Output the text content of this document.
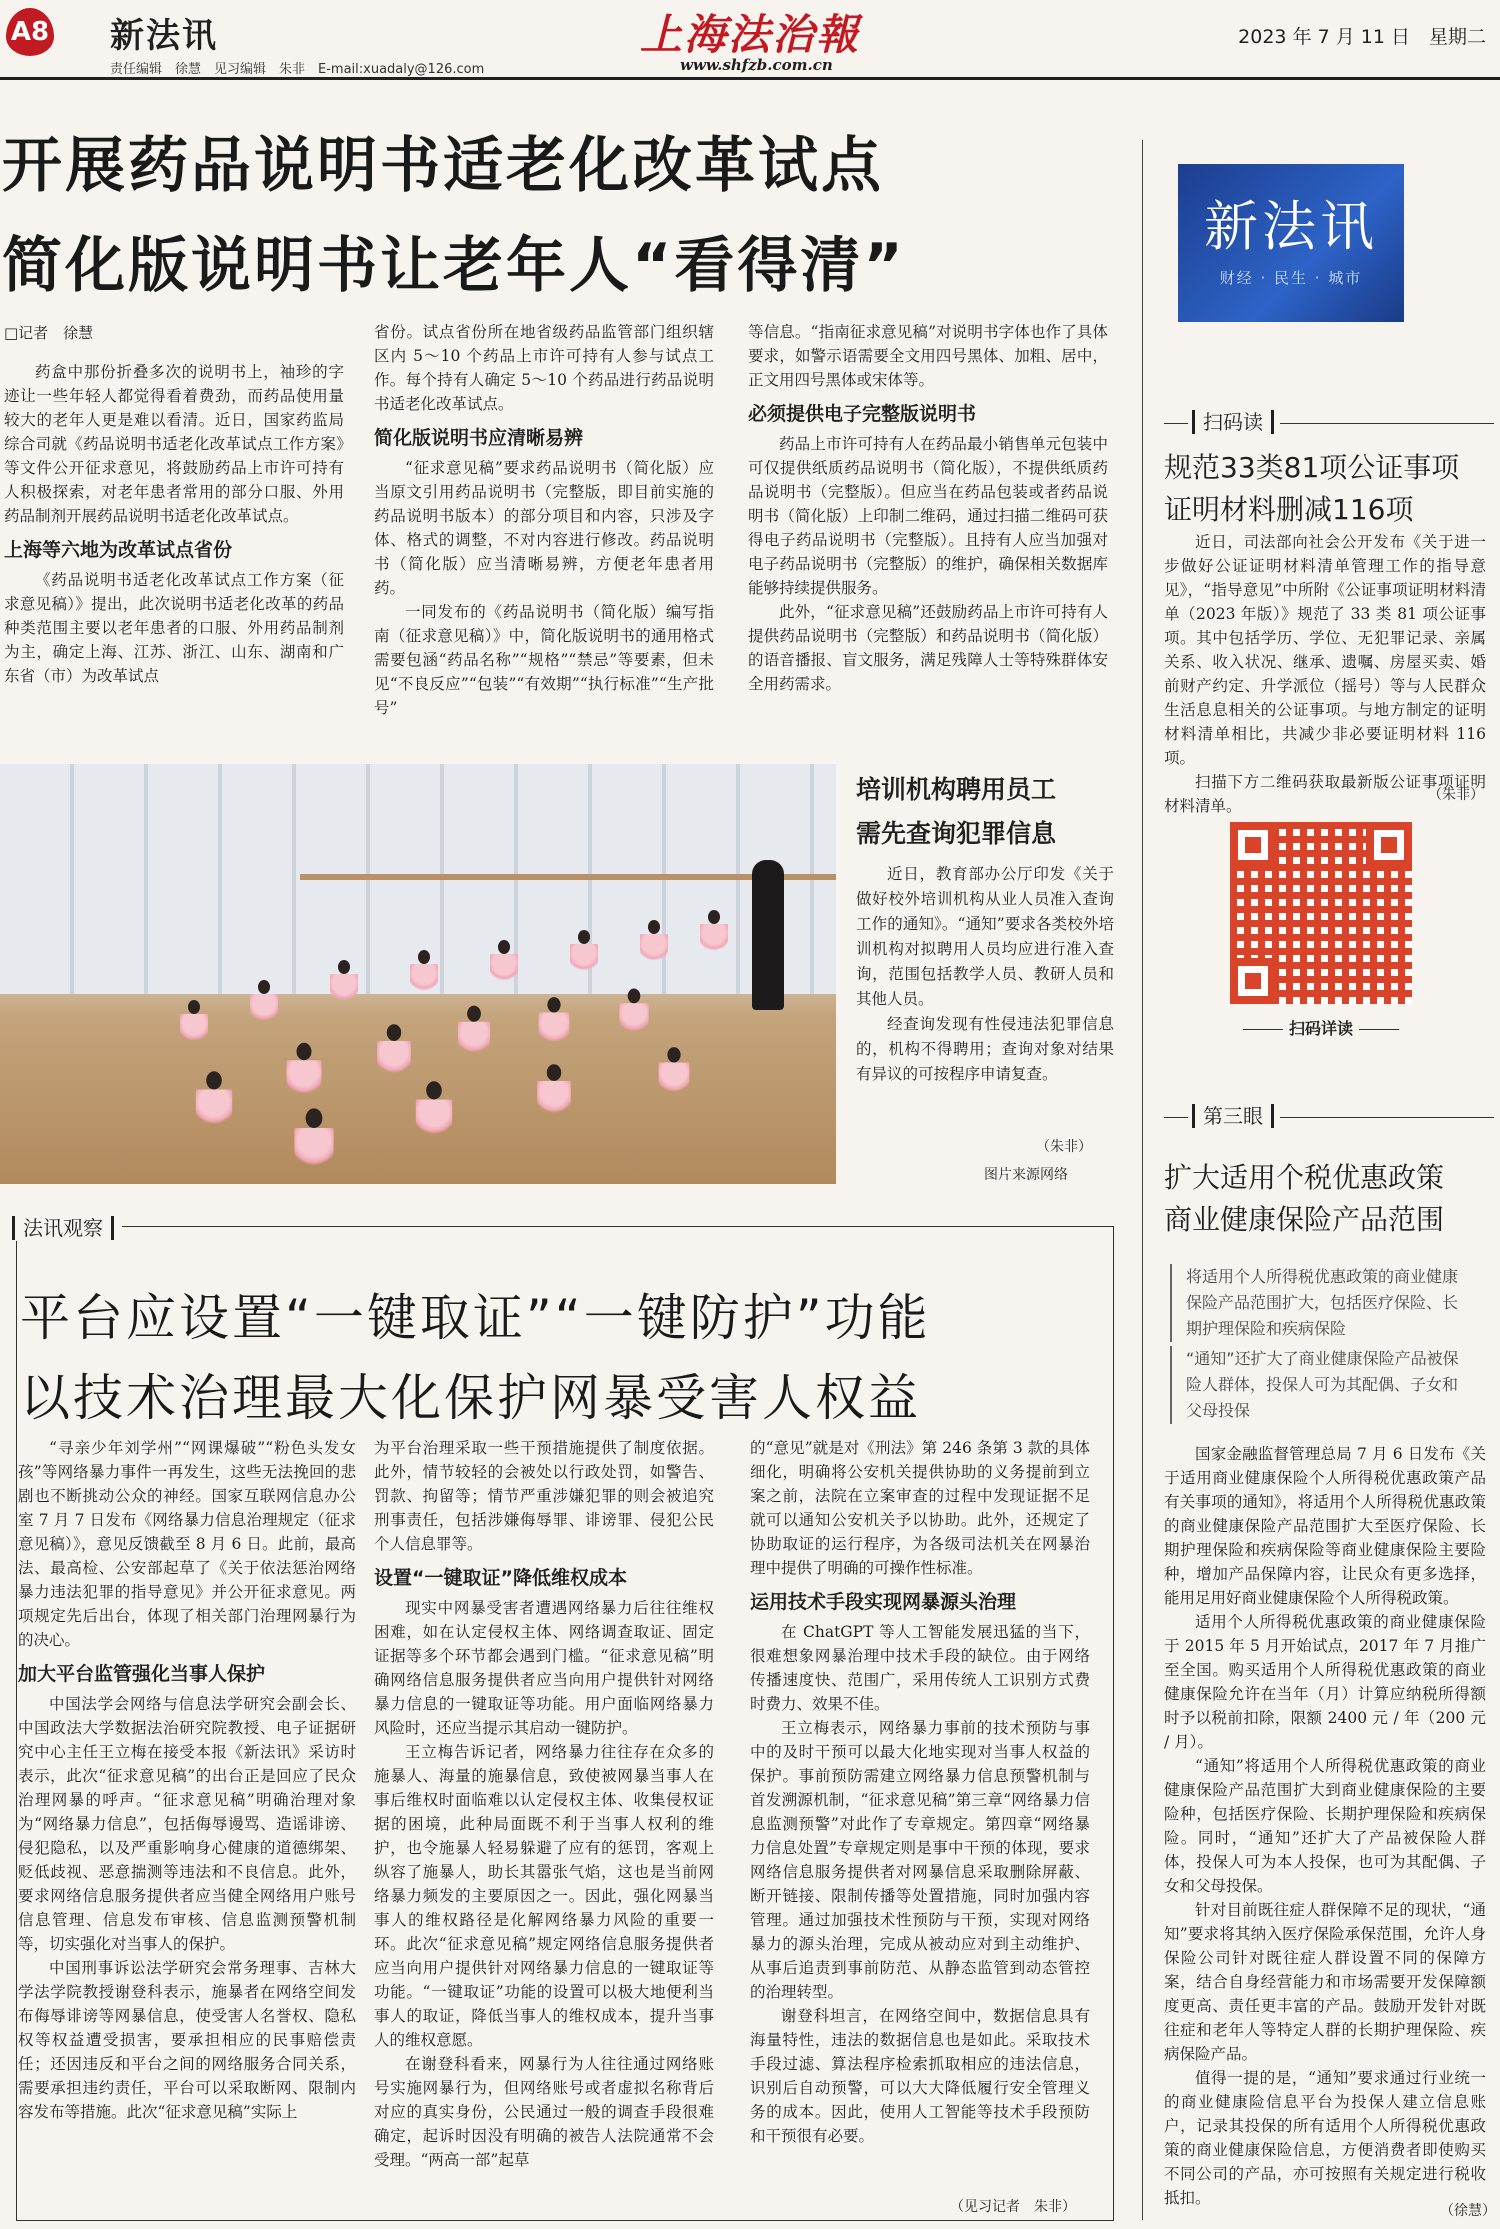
A8 新法讯
责任编辑　徐慧　见习编辑　朱非　E-mail:xuadaly@126.com
上海法治報
www.shfzb.com.cn
2023 年 7 月 11 日　星期二
开展药品说明书适老化改革试点
简化版说明书让老年人“看得清”
□记者　徐慧

药盒中那份折叠多次的说明书上，袖珍的字迹让一些年轻人都觉得看着费劲，而药品使用量较大的老年人更是难以看清。近日，国家药监局综合司就《药品说明书适老化改革试点工作方案》等文件公开征求意见，将鼓励药品上市许可持有人积极探索，对老年患者常用的部分口服、外用药品制剂开展药品说明书适老化改革试点。

上海等六地为改革试点省份

《药品说明书适老化改革试点工作方案（征求意见稿）》提出，此次说明书适老化改革的药品种类范围主要以老年患者的口服、外用药品制剂为主，确定上海、江苏、浙江、山东、湖南和广东省（市）为改革试点

省份。试点省份所在地省级药品监管部门组织辖区内 5～10 个药品上市许可持有人参与试点工作。每个持有人确定 5～10 个药品进行药品说明书适老化改革试点。

简化版说明书应清晰易辨

“征求意见稿”要求药品说明书（简化版）应当原文引用药品说明书（完整版，即目前实施的药品说明书版本）的部分项目和内容，只涉及字体、格式的调整，不对内容进行修改。药品说明书（简化版）应当清晰易辨，方便老年患者用药。

一同发布的《药品说明书（简化版）编写指南（征求意见稿）》中，简化版说明书的通用格式需要包涵“药品名称”“规格”“禁忌”等要素，但未见“不良反应”“包装”“有效期”“执行标准”“生产批号”

等信息。“指南征求意见稿”对说明书字体也作了具体要求，如警示语需要全文用四号黑体、加粗、居中，正文用四号黑体或宋体等。

必须提供电子完整版说明书

药品上市许可持有人在药品最小销售单元包装中可仅提供纸质药品说明书（简化版），不提供纸质药品说明书（完整版）。但应当在药品包装或者药品说明书（简化版）上印制二维码，通过扫描二维码可获得电子药品说明书（完整版）。且持有人应当加强对电子药品说明书（完整版）的维护，确保相关数据库能够持续提供服务。

此外，“征求意见稿”还鼓励药品上市许可持有人提供药品说明书（完整版）和药品说明书（简化版）的语音播报、盲文服务，满足残障人士等特殊群体安全用药需求。

培训机构聘用员工
需先查询犯罪信息

近日，教育部办公厅印发《关于做好校外培训机构从业人员准入查询工作的通知》。“通知”要求各类校外培训机构对拟聘用人员均应进行准入查询，范围包括教学人员、教研人员和其他人员。

经查询发现有性侵违法犯罪信息的，机构不得聘用；查询对象对结果有异议的可按程序申请复查。

（朱非）
图片来源网络
法讯观察
平台应设置“一键取证”“一键防护”功能
以技术治理最大化保护网暴受害人权益

“寻亲少年刘学州”“网课爆破”“粉色头发女孩”等网络暴力事件一再发生，这些无法挽回的悲剧也不断挑动公众的神经。国家互联网信息办公室 7 月 7 日发布《网络暴力信息治理规定（征求意见稿）》，意见反馈截至 8 月 6 日。此前，最高法、最高检、公安部起草了《关于依法惩治网络暴力违法犯罪的指导意见》并公开征求意见。两项规定先后出台，体现了相关部门治理网暴行为的决心。

加大平台监管强化当事人保护

中国法学会网络与信息法学研究会副会长、中国政法大学数据法治研究院教授、电子证据研究中心主任王立梅在接受本报《新法讯》采访时表示，此次“征求意见稿”的出台正是回应了民众治理网暴的呼声。“征求意见稿”明确治理对象为“网络暴力信息”，包括侮辱谩骂、造谣诽谤、侵犯隐私，以及严重影响身心健康的道德绑架、贬低歧视、恶意揣测等违法和不良信息。此外，要求网络信息服务提供者应当健全网络用户账号信息管理、信息发布审核、信息监测预警机制等，切实强化对当事人的保护。

中国刑事诉讼法学研究会常务理事、吉林大学法学院教授谢登科表示，施暴者在网络空间发布侮辱诽谤等网暴信息，使受害人名誉权、隐私权等权益遭受损害，要承担相应的民事赔偿责任；还因违反和平台之间的网络服务合同关系，需要承担违约责任，平台可以采取断网、限制内容发布等措施。此次“征求意见稿”实际上

为平台治理采取一些干预措施提供了制度依据。此外，情节较轻的会被处以行政处罚，如警告、罚款、拘留等；情节严重涉嫌犯罪的则会被追究刑事责任，包括涉嫌侮辱罪、诽谤罪、侵犯公民个人信息罪等。

设置“一键取证”降低维权成本

现实中网暴受害者遭遇网络暴力后往往维权困难，如在认定侵权主体、网络调查取证、固定证据等多个环节都会遇到门槛。“征求意见稿”明确网络信息服务提供者应当向用户提供针对网络暴力信息的一键取证等功能。用户面临网络暴力风险时，还应当提示其启动一键防护。

王立梅告诉记者，网络暴力往往存在众多的施暴人、海量的施暴信息，致使被网暴当事人在事后维权时面临难以认定侵权主体、收集侵权证据的困境，此种局面既不利于当事人权利的维护，也令施暴人轻易躲避了应有的惩罚，客观上纵容了施暴人，助长其嚣张气焰，这也是当前网络暴力频发的主要原因之一。因此，强化网暴当事人的维权路径是化解网络暴力风险的重要一环。此次“征求意见稿”规定网络信息服务提供者应当向用户提供针对网络暴力信息的一键取证等功能。“一键取证”功能的设置可以极大地便利当事人的取证，降低当事人的维权成本，提升当事人的维权意愿。

在谢登科看来，网暴行为人往往通过网络账号实施网暴行为，但网络账号或者虚拟名称背后对应的真实身份，公民通过一般的调查手段很难确定，起诉时因没有明确的被告人法院通常不会受理。“两高一部”起草

的“意见”就是对《刑法》第 246 条第 3 款的具体细化，明确将公安机关提供协助的义务提前到立案之前，法院在立案审查的过程中发现证据不足就可以通知公安机关予以协助。此外，还规定了协助取证的运行程序，为各级司法机关在网暴治理中提供了明确的可操作性标准。

运用技术手段实现网暴源头治理

在 ChatGPT 等人工智能发展迅猛的当下，很难想象网暴治理中技术手段的缺位。由于网络传播速度快、范围广，采用传统人工识别方式费时费力、效果不佳。

王立梅表示，网络暴力事前的技术预防与事中的及时干预可以最大化地实现对当事人权益的保护。事前预防需建立网络暴力信息预警机制与首发溯源机制，“征求意见稿”第三章“网络暴力信息监测预警”对此作了专章规定。第四章“网络暴力信息处置”专章规定则是事中干预的体现，要求网络信息服务提供者对网暴信息采取删除屏蔽、断开链接、限制传播等处置措施，同时加强内容管理。通过加强技术性预防与干预，实现对网络暴力的源头治理，完成从被动应对到主动维护、从事后追责到事前防范、从静态监管到动态管控的治理转型。

谢登科坦言，在网络空间中，数据信息具有海量特性，违法的数据信息也是如此。采取技术手段过滤、算法程序检索抓取相应的违法信息，识别后自动预警，可以大大降低履行安全管理义务的成本。因此，使用人工智能等技术手段预防和干预很有必要。

（见习记者　朱非）
新法讯
财经 · 民生 · 城市
扫码读
规范33类81项公证事项
证明材料删减116项

近日，司法部向社会公开发布《关于进一步做好公证证明材料清单管理工作的指导意见》，“指导意见”中所附《公证事项证明材料清单（2023 年版）》规范了 33 类 81 项公证事项。其中包括学历、学位、无犯罪记录、亲属关系、收入状况、继承、遗嘱、房屋买卖、婚前财产约定、升学派位（摇号）等与人民群众生活息息相关的公证事项。与地方制定的证明材料清单相比，共减少非必要证明材料 116 项。

扫描下方二维码获取最新版公证事项证明材料清单。

（朱非）
扫码详读
第三眼
扩大适用个税优惠政策
商业健康保险产品范围
将适用个人所得税优惠政策的商业健康保险产品范围扩大，包括医疗保险、长期护理保险和疾病保险
“通知”还扩大了商业健康保险产品被保险人群体，投保人可为其配偶、子女和父母投保

国家金融监督管理总局 7 月 6 日发布《关于适用商业健康保险个人所得税优惠政策产品有关事项的通知》，将适用个人所得税优惠政策的商业健康保险产品范围扩大至医疗保险、长期护理保险和疾病保险等商业健康保险主要险种，增加产品保障内容，让民众有更多选择，能用足用好商业健康保险个人所得税政策。

适用个人所得税优惠政策的商业健康保险于 2015 年 5 月开始试点，2017 年 7 月推广至全国。购买适用个人所得税优惠政策的商业健康保险允许在当年（月）计算应纳税所得额时予以税前扣除，限额 2400 元 / 年（200 元 / 月）。

“通知”将适用个人所得税优惠政策的商业健康保险产品范围扩大到商业健康保险的主要险种，包括医疗保险、长期护理保险和疾病保险。同时，“通知”还扩大了产品被保险人群体，投保人可为本人投保，也可为其配偶、子女和父母投保。

针对目前既往症人群保障不足的现状，“通知”要求将其纳入医疗保险承保范围，允许人身保险公司针对既往症人群设置不同的保障方案，结合自身经营能力和市场需要开发保障额度更高、责任更丰富的产品。鼓励开发针对既往症和老年人等特定人群的长期护理保险、疾病保险产品。

值得一提的是，“通知”要求通过行业统一的商业健康险信息平台为投保人建立信息账户，记录其投保的所有适用个人所得税优惠政策的商业健康保险信息，方便消费者即使购买不同公司的产品，亦可按照有关规定进行税收抵扣。

（徐慧）
